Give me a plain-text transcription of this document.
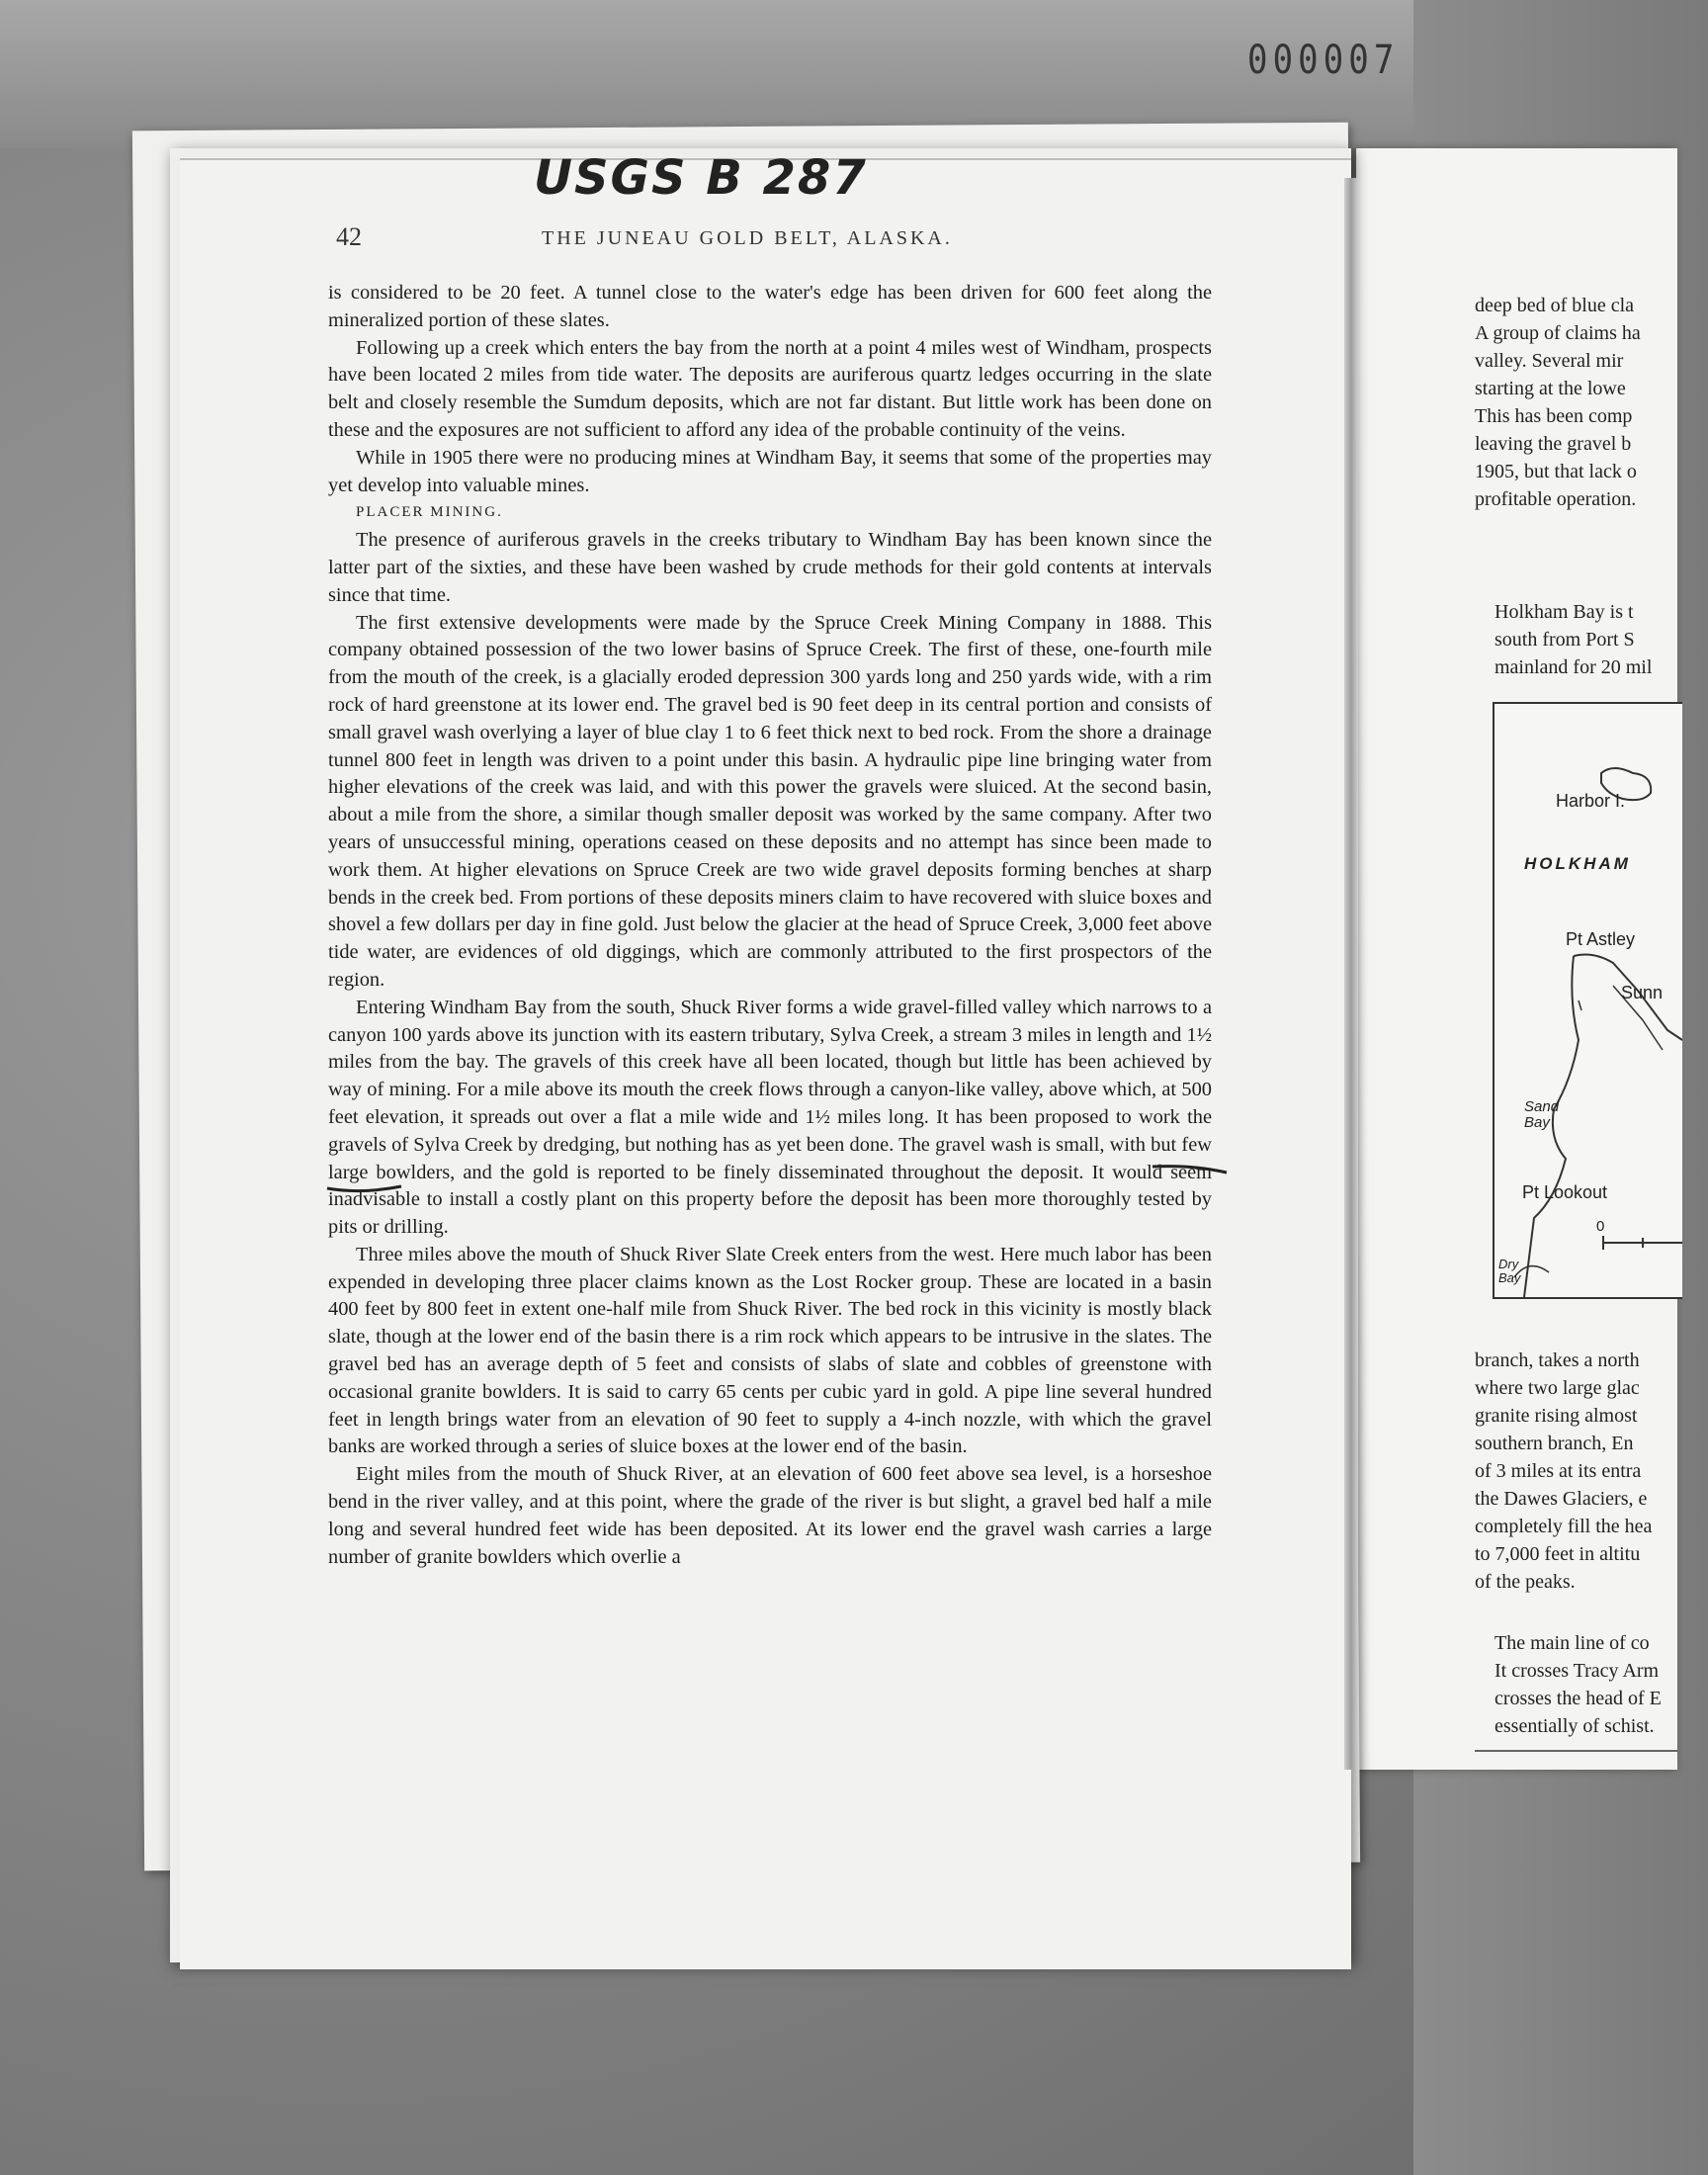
000007
deep bed of blue cla
A group of claims ha
valley. Several mir
starting at the lowe
This has been comp
leaving the gravel b
1905, but that lack o
profitable operation.
Holkham Bay is t
south from Port S
mainland for 20 mil
Harbor I.
HOLKHAM
Pt Astley
Sunn
Sand Bay
Pt Lookout
0
Dry Bay
branch, takes a north
where two large glac
granite rising almost
southern branch, En
of 3 miles at its entra
the Dawes Glaciers, e
completely fill the hea
to 7,000 feet in altitu
of the peaks.
The main line of co
It crosses Tracy Arm
crosses the head of E
essentially of schist.
USGS B 287
42	THE JUNEAU GOLD BELT, ALASKA.

is considered to be 20 feet. A tunnel close to the water's edge has been driven for 600 feet along the mineralized portion of these slates.

Following up a creek which enters the bay from the north at a point 4 miles west of Windham, prospects have been located 2 miles from tide water. The deposits are auriferous quartz ledges occurring in the slate belt and closely resemble the Sumdum deposits, which are not far distant. But little work has been done on these and the exposures are not sufficient to afford any idea of the probable continuity of the veins.

While in 1905 there were no producing mines at Windham Bay, it seems that some of the properties may yet develop into valuable mines.

PLACER MINING.

The presence of auriferous gravels in the creeks tributary to Windham Bay has been known since the latter part of the sixties, and these have been washed by crude methods for their gold contents at intervals since that time.

The first extensive developments were made by the Spruce Creek Mining Company in 1888. This company obtained possession of the two lower basins of Spruce Creek. The first of these, one-fourth mile from the mouth of the creek, is a glacially eroded depression 300 yards long and 250 yards wide, with a rim rock of hard greenstone at its lower end. The gravel bed is 90 feet deep in its central portion and consists of small gravel wash overlying a layer of blue clay 1 to 6 feet thick next to bed rock. From the shore a drainage tunnel 800 feet in length was driven to a point under this basin. A hydraulic pipe line bringing water from higher elevations of the creek was laid, and with this power the gravels were sluiced. At the second basin, about a mile from the shore, a similar though smaller deposit was worked by the same company. After two years of unsuccessful mining, operations ceased on these deposits and no attempt has since been made to work them. At higher elevations on Spruce Creek are two wide gravel deposits forming benches at sharp bends in the creek bed. From portions of these deposits miners claim to have recovered with sluice boxes and shovel a few dollars per day in fine gold. Just below the glacier at the head of Spruce Creek, 3,000 feet above tide water, are evidences of old diggings, which are commonly attributed to the first prospectors of the region.

Entering Windham Bay from the south, Shuck River forms a wide gravel-filled valley which narrows to a canyon 100 yards above its junction with its eastern tributary, Sylva Creek, a stream 3 miles in length and 1½ miles from the bay. The gravels of this creek have all been located, though but little has been achieved by way of mining. For a mile above its mouth the creek flows through a canyon-like valley, above which, at 500 feet elevation, it spreads out over a flat a mile wide and 1½ miles long. It has been proposed to work the gravels of Sylva Creek by dredging, but nothing has as yet been done. The gravel wash is small, with but few large bowlders, and the gold is reported to be finely disseminated throughout the deposit. It would seem inadvisable to install a costly plant on this property before the deposit has been more thoroughly tested by pits or drilling.

Three miles above the mouth of Shuck River Slate Creek enters from the west. Here much labor has been expended in developing three placer claims known as the Lost Rocker group. These are located in a basin 400 feet by 800 feet in extent one-half mile from Shuck River. The bed rock in this vicinity is mostly black slate, though at the lower end of the basin there is a rim rock which appears to be intrusive in the slates. The gravel bed has an average depth of 5 feet and consists of slabs of slate and cobbles of greenstone with occasional granite bowlders. It is said to carry 65 cents per cubic yard in gold. A pipe line several hundred feet in length brings water from an elevation of 90 feet to supply a 4-inch nozzle, with which the gravel banks are worked through a series of sluice boxes at the lower end of the basin.

Eight miles from the mouth of Shuck River, at an elevation of 600 feet above sea level, is a horseshoe bend in the river valley, and at this point, where the grade of the river is but slight, a gravel bed half a mile long and several hundred feet wide has been deposited. At its lower end the gravel wash carries a large number of granite bowlders which overlie a
